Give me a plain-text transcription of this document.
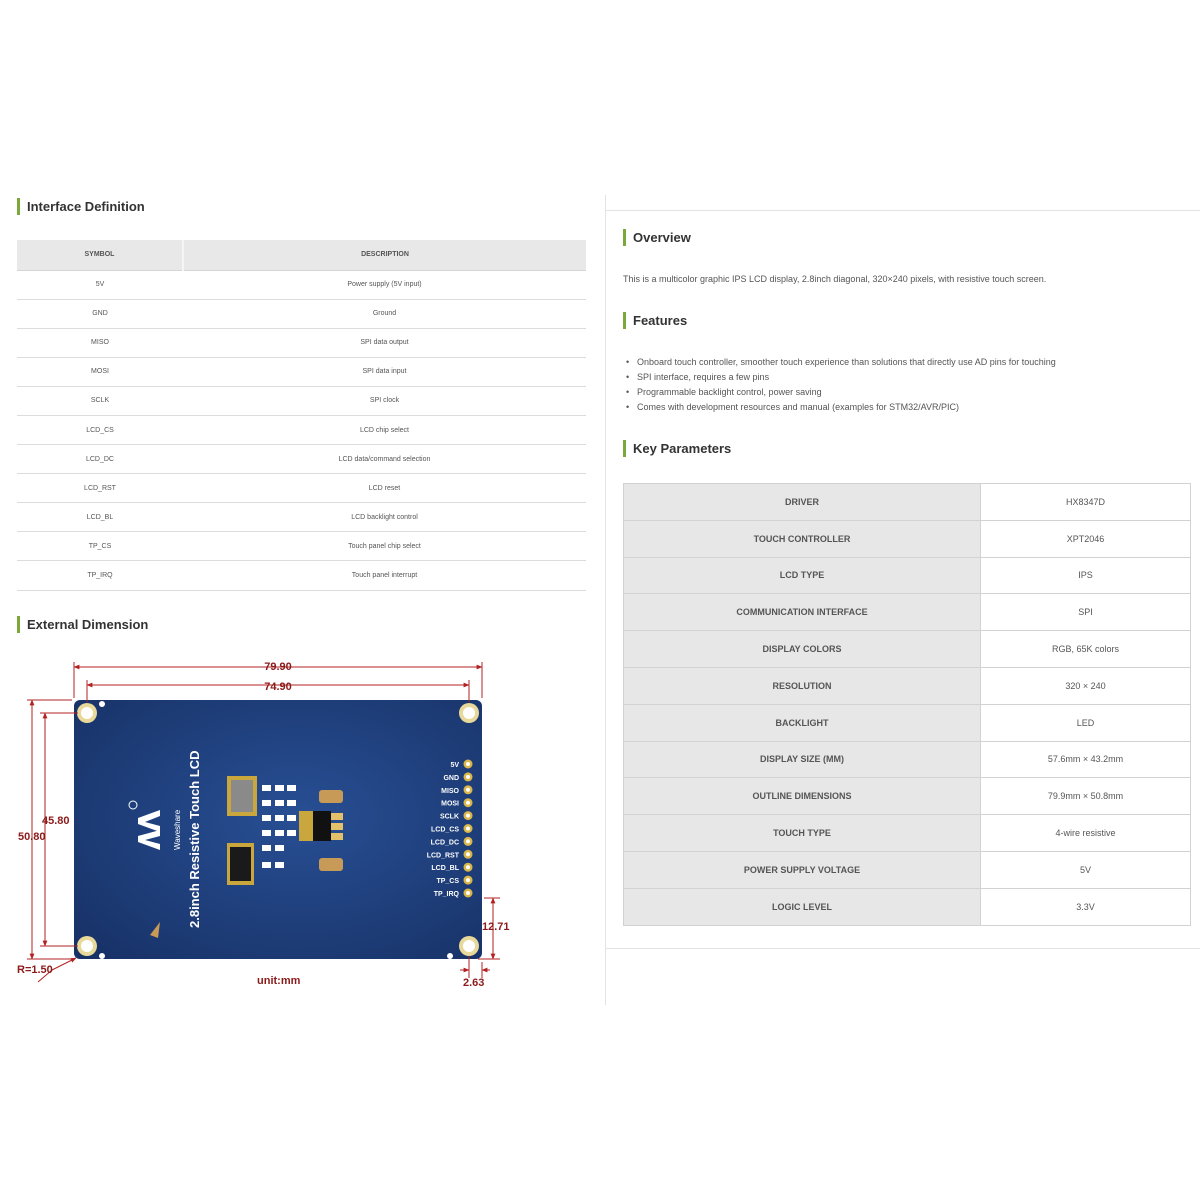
Interface Definition
SYMBOL	DESCRIPTION
5V	Power supply (5V input)
GND	Ground
MISO	SPI data output
MOSI	SPI data input
SCLK	SPI clock
LCD_CS	LCD chip select
LCD_DC	LCD data/command selection
LCD_RST	LCD reset
LCD_BL	LCD backlight control
TP_CS	Touch panel chip select
TP_IRQ	Touch panel interrupt
External Dimension
2.8inch Resistive Touch LCD
Waveshare
5V
GND
MISO
MOSI
SCLK
LCD_CS
LCD_DC
LCD_RST
LCD_BL
TP_CS
TP_IRQ
79.90
74.90
50.80
45.80
12.71
2.63
R=1.50
unit:mm
Overview
This is a multicolor graphic IPS LCD display, 2.8inch diagonal, 320×240 pixels, with resistive touch screen.
Features
• Onboard touch controller, smoother touch experience than solutions that directly use AD pins for touching
• SPI interface, requires a few pins
• Programmable backlight control, power saving
• Comes with development resources and manual (examples for STM32/AVR/PIC)
Key Parameters
DRIVER	HX8347D
TOUCH CONTROLLER	XPT2046
LCD TYPE	IPS
COMMUNICATION INTERFACE	SPI
DISPLAY COLORS	RGB, 65K colors
RESOLUTION	320 × 240
BACKLIGHT	LED
DISPLAY SIZE (MM)	57.6mm × 43.2mm
OUTLINE DIMENSIONS	79.9mm × 50.8mm
TOUCH TYPE	4-wire resistive
POWER SUPPLY VOLTAGE	5V
LOGIC LEVEL	3.3V
